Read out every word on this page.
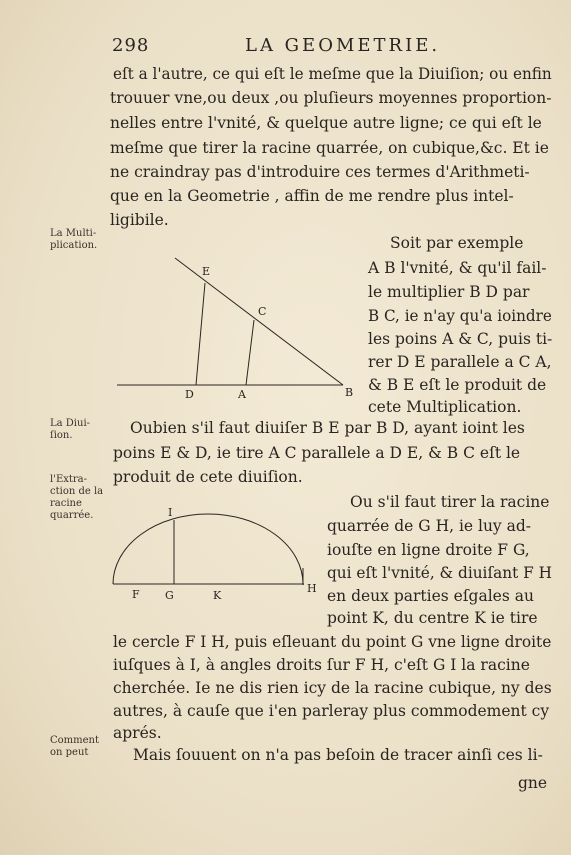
298	LA GEOMETRIE.
eſt a l'autre, ce qui eſt le meſme que la Diuiſion; ou enfin
trouuer vne,ou deux ,ou pluſieurs moyennes proportion-
nelles entre l'vnité, & quelque autre ligne; ce qui eſt le
meſme que tirer la racine quarrée, on cubique,&c. Et ie
ne craindray pas d'introduire ces termes d'Arithmeti-
que en la Geometrie , affin de me rendre plus intel-
ligibile.
La Multi-
plication.
La Diui-
ſion.
l'Extra-
ction de la
racine
quarrée.
Comment
on peut
E
C
D	A	B
Soit par exemple
A B l'vnité, & qu'il fail-
le multiplier B D par
B C, ie n'ay qu'a ioindre
les poins A & C, puis ti-
rer D E parallele a C A,
& B E eſt le produit de
cete Multiplication.
Oubien s'il faut diuiſer B E par B D, ayant ioint les
poins E & D, ie tire A C parallele a D E, & B C eſt le
produit de cete diuiſion.
I
F G	K
H
Ou s'il faut tirer la racine
quarrée de G H, ie luy ad-
iouſte en ligne droite F G,
qui eſt l'vnité, & diuiſant F H
en deux parties eſgales au
point K, du centre K ie tire
le cercle F I H, puis eſleuant du point G vne ligne droite
iuſques à I, à angles droits ſur F H, c'eſt G I la racine
cherchée. Ie ne dis rien icy de la racine cubique, ny des
autres, à cauſe que i'en parleray plus commodement cy
aprés.
Mais ſouuent on n'a pas beſoin de tracer ainſi ces li-
gne
